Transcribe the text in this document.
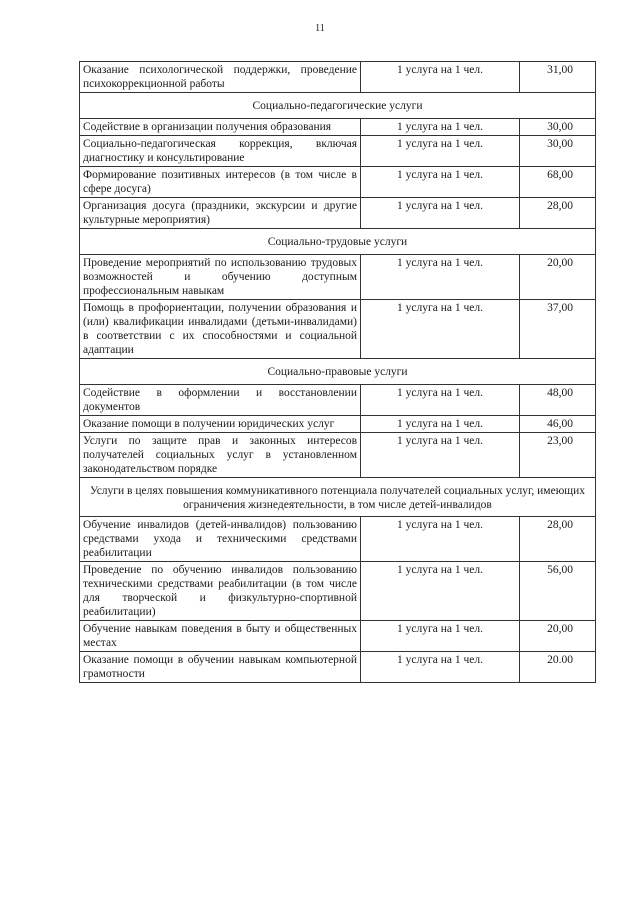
11
Оказание психологической поддержки, проведение психокоррекционной работы	1 услуга на 1 чел.	31,00
Социально-педагогические услуги		
Содействие в организации получения образования	1 услуга на 1 чел.	30,00
Социально-педагогическая коррекция, включая диагностику и консультирование	1 услуга на 1 чел.	30,00
Формирование позитивных интересов (в том числе в сфере досуга)	1 услуга на 1 чел.	68,00
Организация досуга (праздники, экскурсии и другие культурные мероприятия)	1 услуга на 1 чел.	28,00
Социально-трудовые услуги		
Проведение мероприятий по использованию трудовых возможностей и обучению доступным профессиональным навыкам	1 услуга на 1 чел.	20,00
Помощь в профориентации, получении образования и (или) квалификации инвалидами (детьми-инвалидами) в соответствии с их способностями и социальной адаптации	1 услуга на 1 чел.	37,00
Социально-правовые услуги		
Содействие в оформлении и восстановлении документов	1 услуга на 1 чел.	48,00
Оказание помощи в получении юридических услуг	1 услуга на 1 чел.	46,00
Услуги по защите прав и законных интересов получателей социальных услуг в установленном законодательством порядке	1 услуга на 1 чел.	23,00
Услуги в целях повышения коммуникативного потенциала получателей социальных услуг, имеющих ограничения жизнедеятельности, в том числе детей-инвалидов		
Обучение инвалидов (детей-инвалидов) пользованию средствами ухода и техническими средствами реабилитации	1 услуга на 1 чел.	28,00
Проведение по обучению инвалидов пользованию техническими средствами реабилитации (в том числе для творческой и физкультурно-спортивной реабилитации)	1 услуга на 1 чел.	56,00
Обучение навыкам поведения в быту и общественных местах	1 услуга на 1 чел.	20,00
Оказание помощи в обучении навыкам компьютерной грамотности	1 услуга на 1 чел.	20.00
